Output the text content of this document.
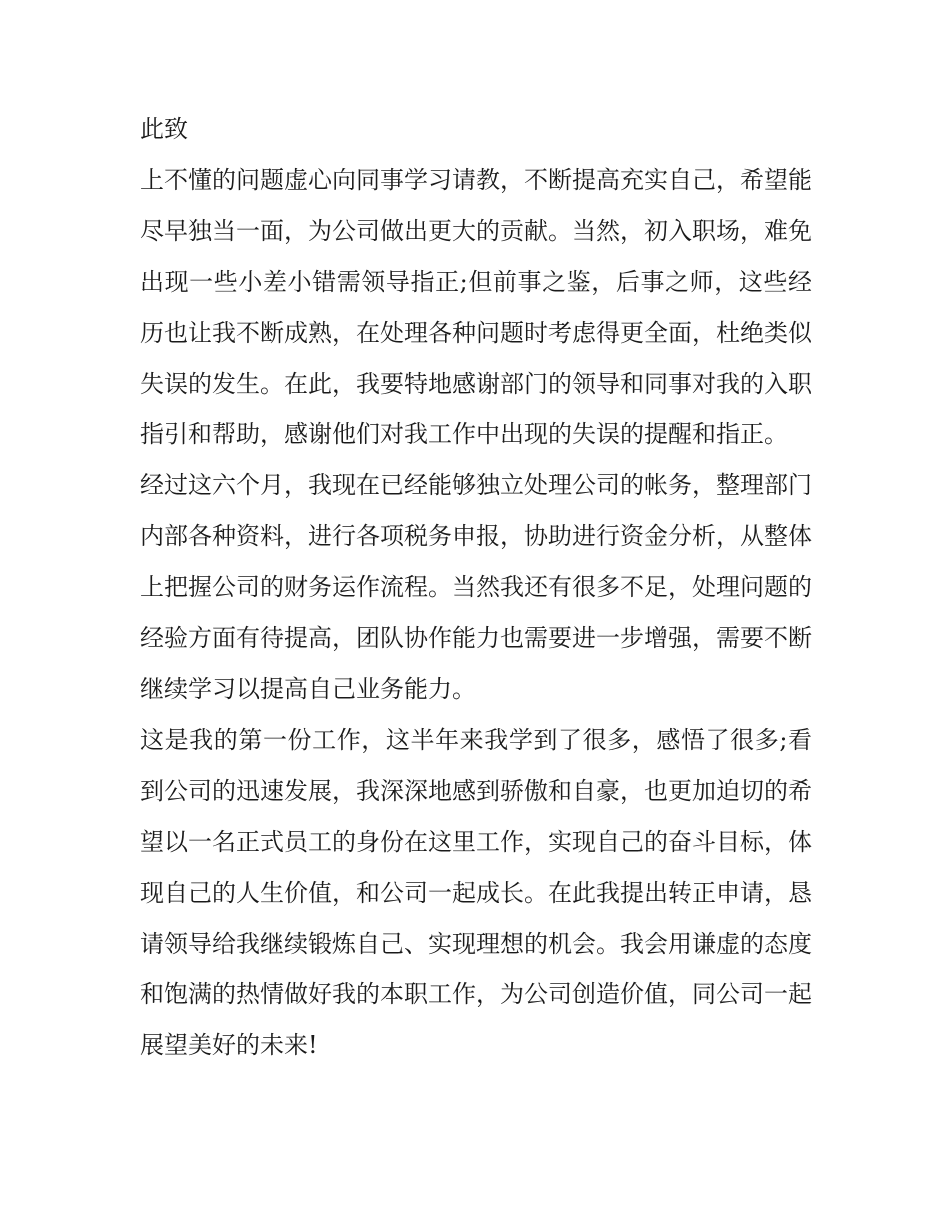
此致

上不懂的问题虚心向同事学习请教，不断提高充实自己，希望能尽早独当一面，为公司做出更大的贡献。当然，初入职场，难免出现一些小差小错需领导指正;但前事之鉴，后事之师，这些经历也让我不断成熟，在处理各种问题时考虑得更全面，杜绝类似失误的发生。在此，我要特地感谢部门的领导和同事对我的入职指引和帮助，感谢他们对我工作中出现的失误的提醒和指正。

经过这六个月，我现在已经能够独立处理公司的帐务，整理部门内部各种资料，进行各项税务申报，协助进行资金分析，从整体上把握公司的财务运作流程。当然我还有很多不足，处理问题的经验方面有待提高，团队协作能力也需要进一步增强，需要不断继续学习以提高自己业务能力。

这是我的第一份工作，这半年来我学到了很多，感悟了很多;看到公司的迅速发展，我深深地感到骄傲和自豪，也更加迫切的希望以一名正式员工的身份在这里工作，实现自己的奋斗目标，体现自己的人生价值，和公司一起成长。在此我提出转正申请，恳请领导给我继续锻炼自己、实现理想的机会。我会用谦虚的态度和饱满的热情做好我的本职工作，为公司创造价值，同公司一起展望美好的未来!
